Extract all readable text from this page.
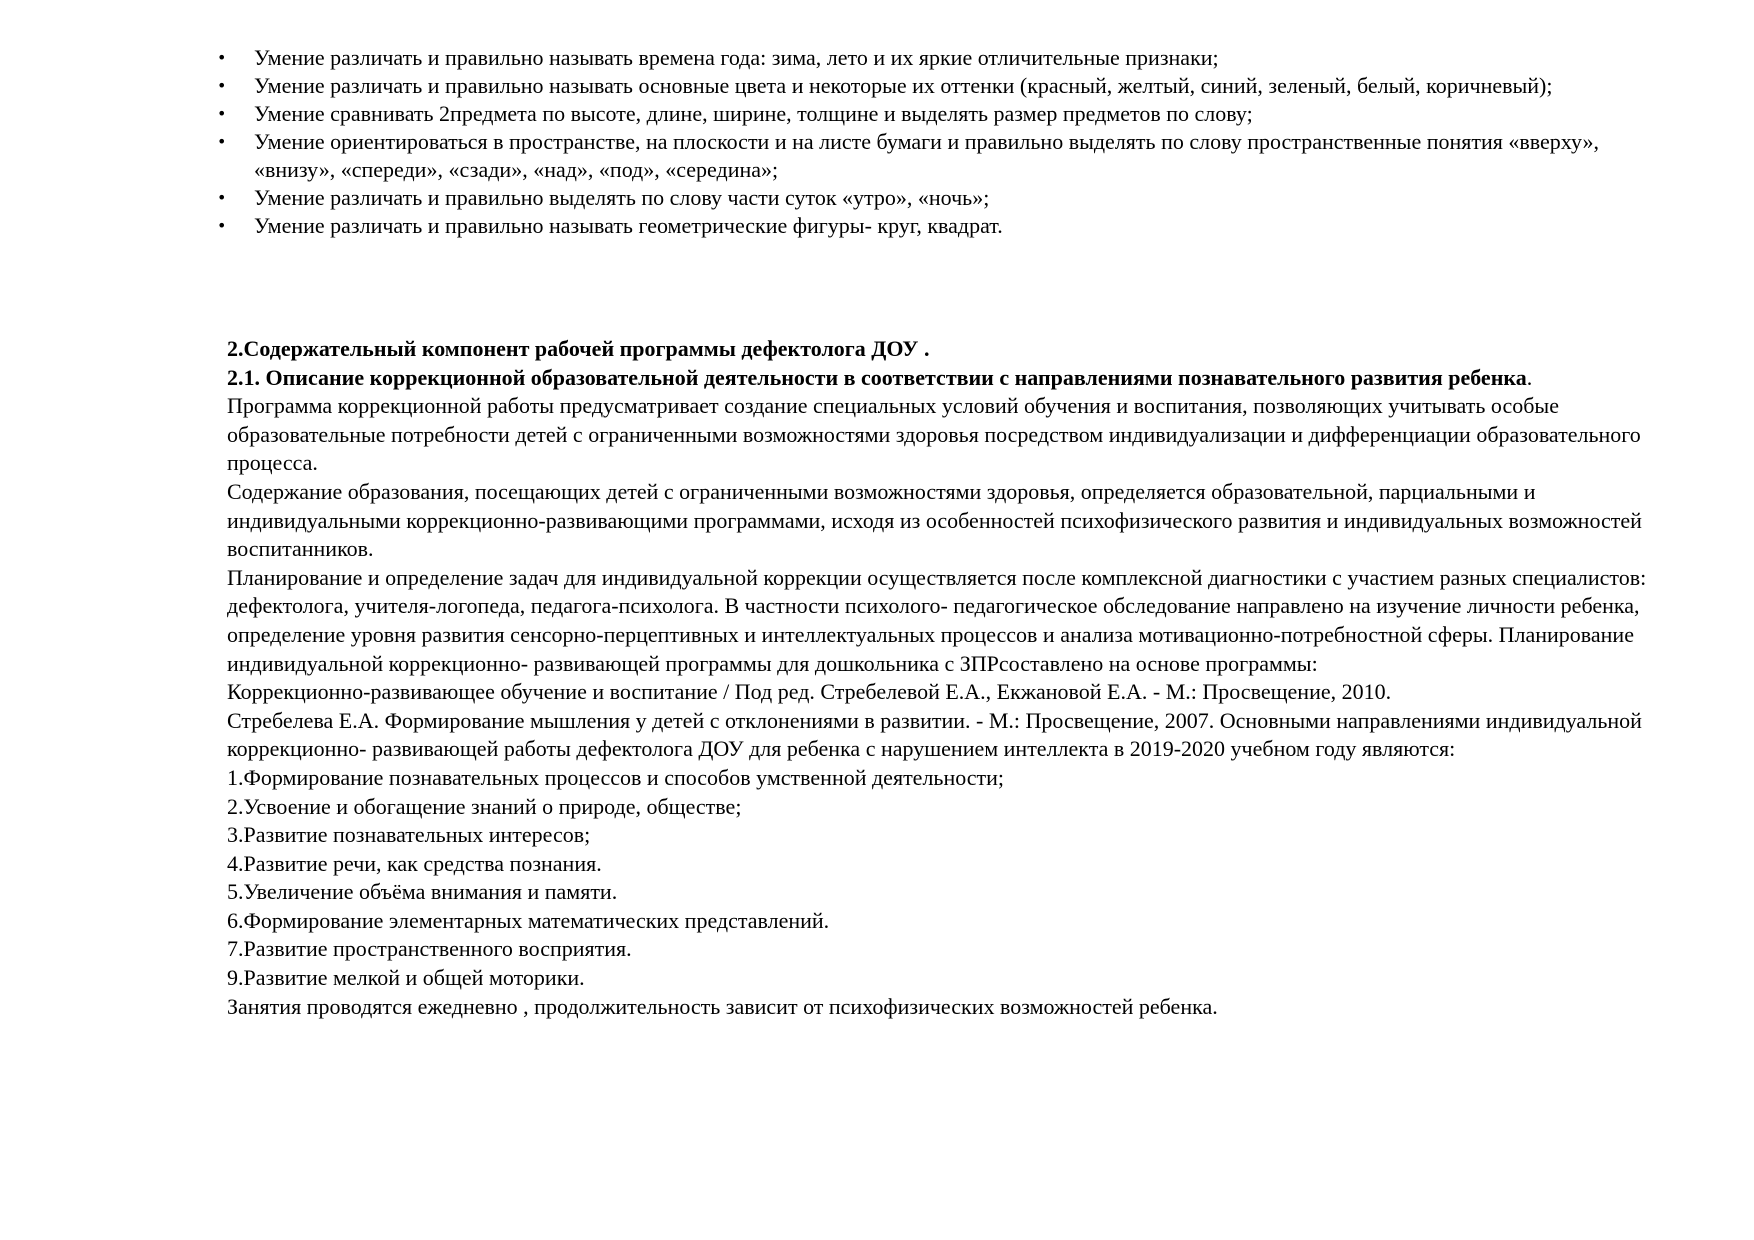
• Умение различать и правильно называть времена года: зима, лето и их яркие отличительные признаки;
• Умение различать и правильно называть основные цвета и некоторые их оттенки (красный, желтый, синий, зеленый, белый, коричневый);
• Умение сравнивать 2предмета по высоте, длине, ширине, толщине и выделять размер предметов по слову;
• Умение ориентироваться в пространстве, на плоскости и на листе бумаги и правильно выделять по слову пространственные понятия «вверху», «внизу», «спереди», «сзади», «над», «под», «середина»;
• Умение различать и правильно выделять по слову части суток «утро», «ночь»;
• Умение различать и правильно называть геометрические фигуры- круг, квадрат.

2.Содержательный компонент рабочей программы дефектолога ДОУ .

2.1. Описание коррекционной образовательной деятельности в соответствии с направлениями познавательного развития ребенка.

Программа коррекционной работы предусматривает создание специальных условий обучения и воспитания, позволяющих учитывать особые образовательные потребности детей с ограниченными возможностями здоровья посредством индивидуализации и дифференциации образовательного процесса.

Содержание образования, посещающих детей с ограниченными возможностями здоровья, определяется образовательной, парциальными и индивидуальными коррекционно-развивающими программами, исходя из особенностей психофизического развития и индивидуальных возможностей воспитанников.

Планирование и определение задач для индивидуальной коррекции осуществляется после комплексной диагностики с участием разных специалистов: дефектолога, учителя-логопеда, педагога-психолога. В частности психолого- педагогическое обследование направлено на изучение личности ребенка, определение уровня развития сенсорно-перцептивных и интеллектуальных процессов и анализа мотивационно-потребностной сферы. Планирование индивидуальной коррекционно- развивающей программы для дошкольника с ЗПРсоставлено на основе программы:

Коррекционно-развивающее обучение и воспитание / Под ред. Стребелевой Е.А., Екжановой Е.А. - М.: Просвещение, 2010.

Стребелева Е.А. Формирование мышления у детей с отклонениями в развитии. - М.: Просвещение, 2007. Основными направлениями индивидуальной коррекционно- развивающей работы дефектолога ДОУ для ребенка с нарушением интеллекта в 2019-2020 учебном году являются:

1.Формирование познавательных процессов и способов умственной деятельности;

2.Усвоение и обогащение знаний о природе, обществе;

3.Развитие познавательных интересов;

4.Развитие речи, как средства познания.

5.Увеличение объёма внимания и памяти.

6.Формирование элементарных математических представлений.

7.Развитие пространственного восприятия.

9.Развитие мелкой и общей моторики.

Занятия проводятся ежедневно , продолжительность зависит от психофизических возможностей ребенка.
